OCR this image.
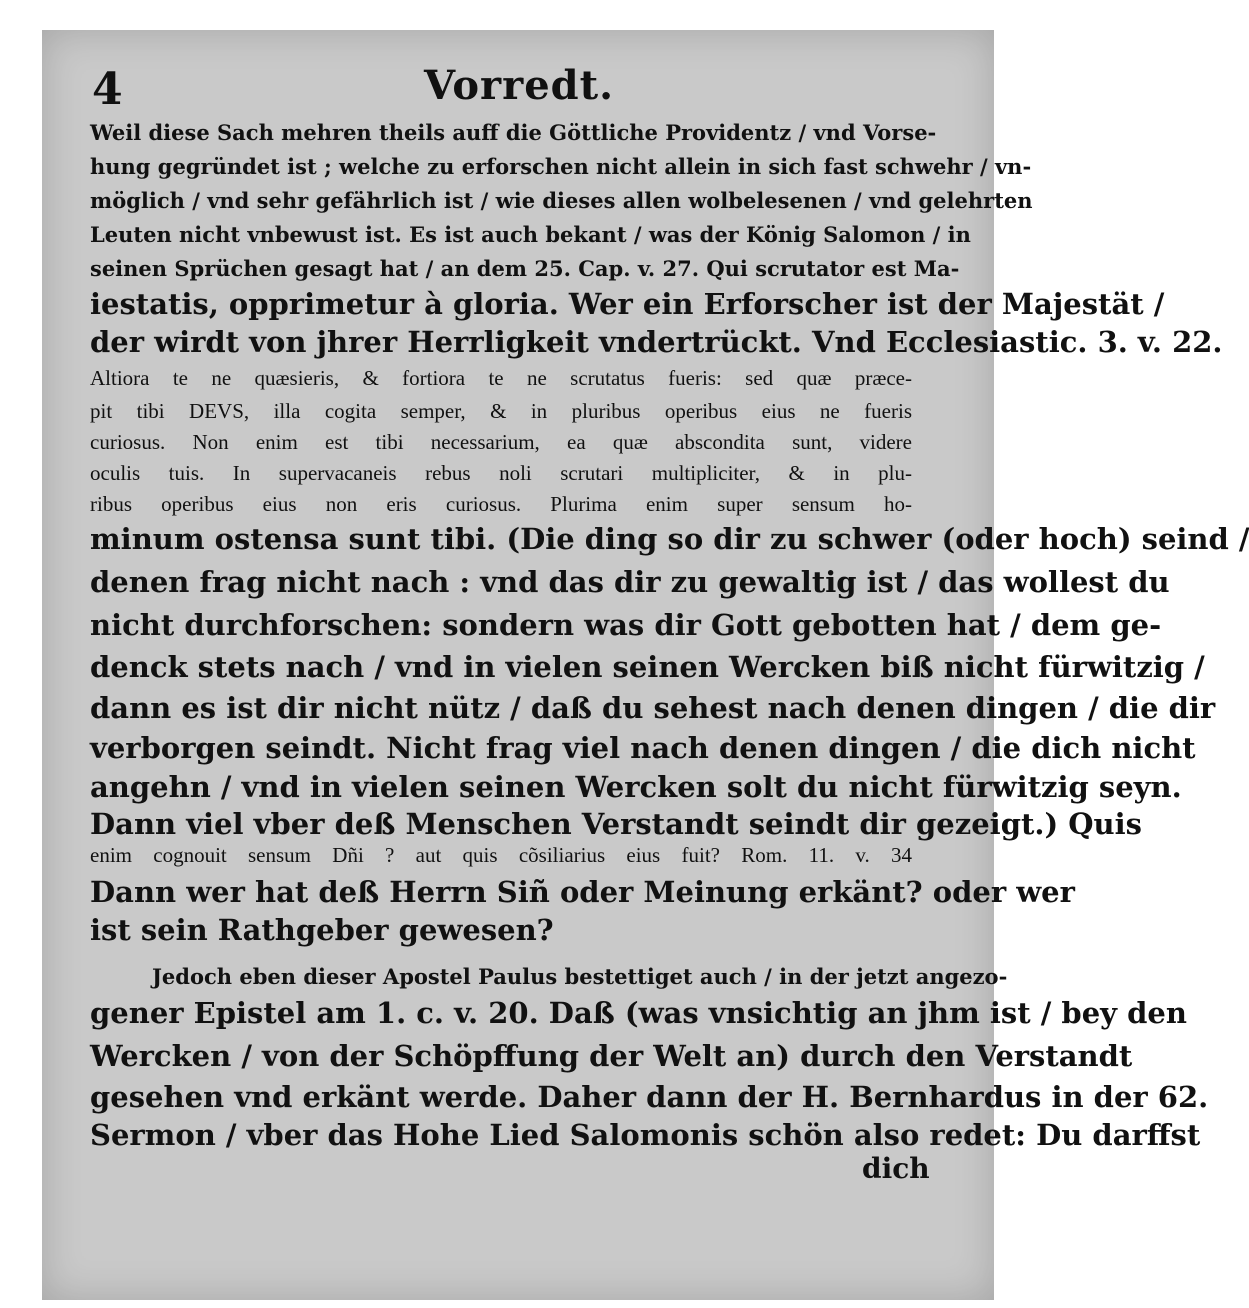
4	Vorredt.
Weil diese Sach mehren theils auff die Göttliche Providentz / vnd Vorse-
hung gegründet ist ; welche zu erforschen nicht allein in sich fast schwehr / vn-
möglich / vnd sehr gefährlich ist / wie dieses allen wolbelesenen / vnd gelehrten
Leuten nicht vnbewust ist. Es ist auch bekant / was der König Salomon / in
seinen Sprüchen gesagt hat / an dem 25. Cap. v. 27. Qui scrutator est Ma-
iestatis, opprimetur à gloria. Wer ein Erforscher ist der Majestät /
der wirdt von jhrer Herrligkeit vndertrückt. Vnd Ecclesiastic. 3. v. 22.
Altiora te ne quæsieris, & fortiora te ne scrutatus fueris: sed quæ præce-
pit tibi DEVS, illa cogita semper, & in pluribus operibus eius ne fueris
curiosus. Non enim est tibi necessarium, ea quæ abscondita sunt, videre
oculis tuis. In supervacaneis rebus noli scrutari multipliciter, & in plu-
ribus operibus eius non eris curiosus. Plurima enim super sensum ho-
minum ostensa sunt tibi. (Die ding so dir zu schwer (oder hoch) seind /
denen frag nicht nach : vnd das dir zu gewaltig ist / das wollest du
nicht durchforschen: sondern was dir Gott gebotten hat / dem ge-
denck stets nach / vnd in vielen seinen Wercken biß nicht fürwitzig /
dann es ist dir nicht nütz / daß du sehest nach denen dingen / die dir
verborgen seindt. Nicht frag viel nach denen dingen / die dich nicht
angehn / vnd in vielen seinen Wercken solt du nicht fürwitzig seyn.
Dann viel vber deß Menschen Verstandt seindt dir gezeigt.) Quis
enim cognouit sensum Dñi ? aut quis cõsiliarius eius fuit? Rom. 11. v. 34
Dann wer hat deß Herrn Siñ oder Meinung erkänt? oder wer
ist sein Rathgeber gewesen?
Jedoch eben dieser Apostel Paulus bestettiget auch / in der jetzt angezo-
gener Epistel am 1. c. v. 20. Daß (was vnsichtig an jhm ist / bey den
Wercken / von der Schöpffung der Welt an) durch den Verstandt
gesehen vnd erkänt werde. Daher dann der H. Bernhardus in der 62.
Sermon / vber das Hohe Lied Salomonis schön also redet: Du darffst
dich
